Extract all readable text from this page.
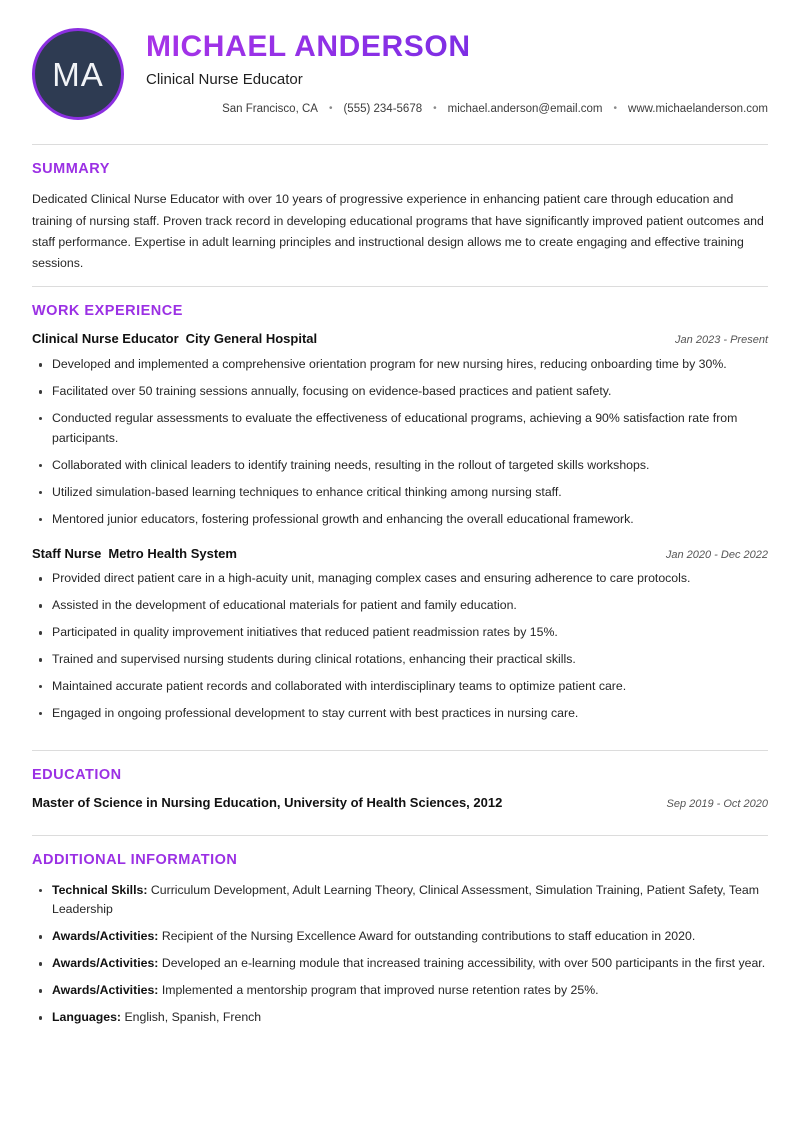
MA
MICHAEL ANDERSON
Clinical Nurse Educator
San Francisco, CA • (555) 234-5678 • michael.anderson@email.com • www.michaelanderson.com
SUMMARY

Dedicated Clinical Nurse Educator with over 10 years of progressive experience in enhancing patient care through education and training of nursing staff. Proven track record in developing educational programs that have significantly improved patient outcomes and staff performance. Expertise in adult learning principles and instructional design allows me to create engaging and effective training sessions.

WORK EXPERIENCE
Clinical Nurse Educator City General Hospital	Jan 2023 - Present
Developed and implemented a comprehensive orientation program for new nursing hires, reducing onboarding time by 30%.
Facilitated over 50 training sessions annually, focusing on evidence-based practices and patient safety.
Conducted regular assessments to evaluate the effectiveness of educational programs, achieving a 90% satisfaction rate from participants.
Collaborated with clinical leaders to identify training needs, resulting in the rollout of targeted skills workshops.
Utilized simulation-based learning techniques to enhance critical thinking among nursing staff.
Mentored junior educators, fostering professional growth and enhancing the overall educational framework.
Staff Nurse Metro Health System	Jan 2020 - Dec 2022
Provided direct patient care in a high-acuity unit, managing complex cases and ensuring adherence to care protocols.
Assisted in the development of educational materials for patient and family education.
Participated in quality improvement initiatives that reduced patient readmission rates by 15%.
Trained and supervised nursing students during clinical rotations, enhancing their practical skills.
Maintained accurate patient records and collaborated with interdisciplinary teams to optimize patient care.
Engaged in ongoing professional development to stay current with best practices in nursing care.
EDUCATION
Master of Science in Nursing Education, University of Health Sciences, 2012	Sep 2019 - Oct 2020
ADDITIONAL INFORMATION
Technical Skills: Curriculum Development, Adult Learning Theory, Clinical Assessment, Simulation Training, Patient Safety, Team Leadership
Awards/Activities: Recipient of the Nursing Excellence Award for outstanding contributions to staff education in 2020.
Awards/Activities: Developed an e-learning module that increased training accessibility, with over 500 participants in the first year.
Awards/Activities: Implemented a mentorship program that improved nurse retention rates by 25%.
Languages: English, Spanish, French
